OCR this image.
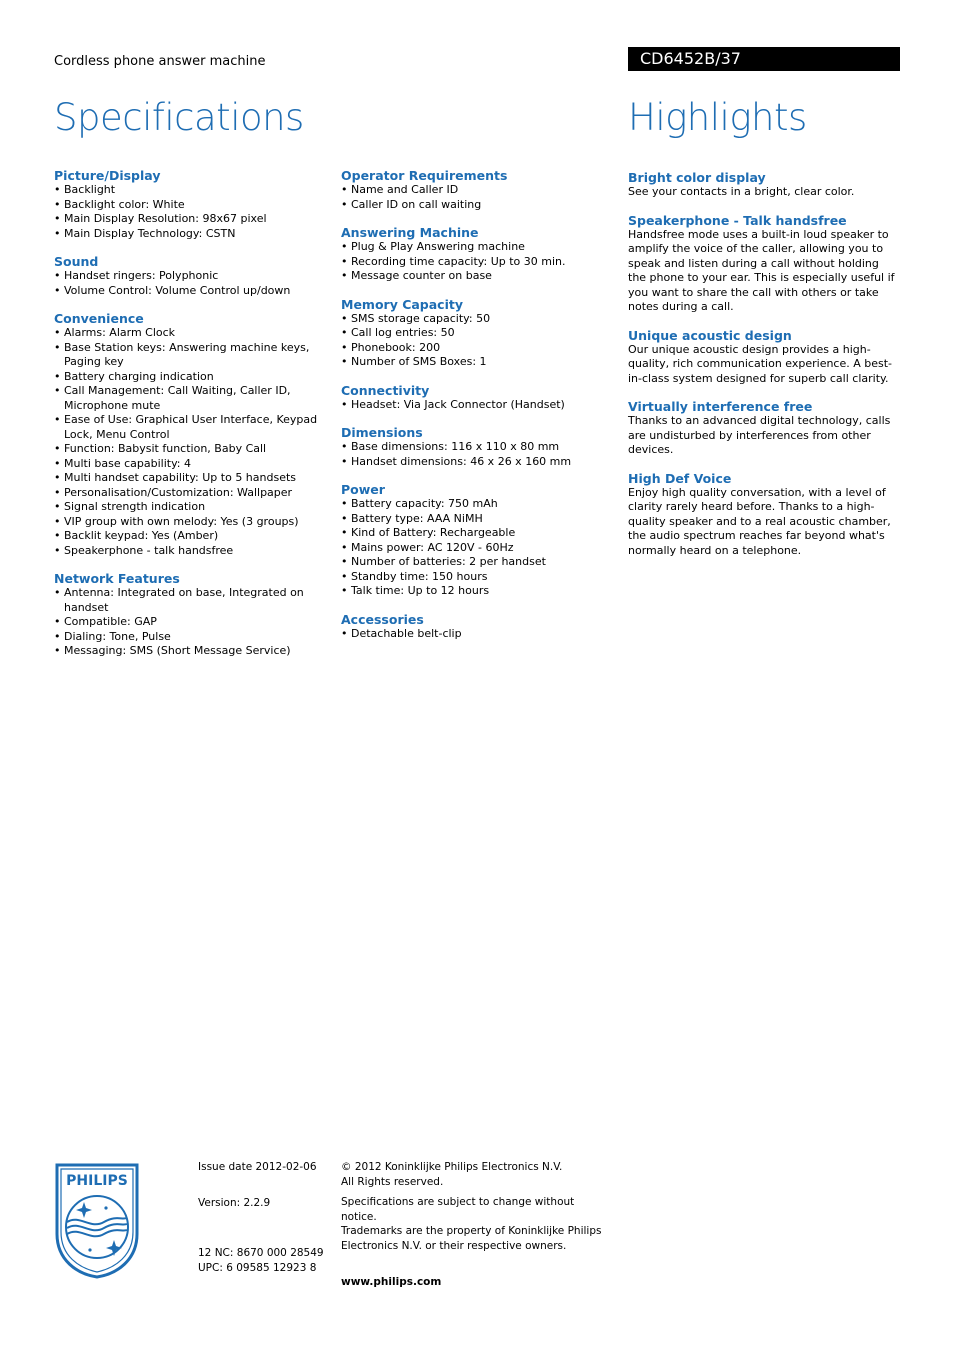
Cordless phone answer machine	CD6452B/37
Specifications	Highlights
Picture/Display
• Backlight
• Backlight color: White
• Main Display Resolution: 98x67 pixel
• Main Display Technology: CSTN
Sound
• Handset ringers: Polyphonic
• Volume Control: Volume Control up/down
Convenience
• Alarms: Alarm Clock
• Base Station keys: Answering machine keys, Paging key
• Battery charging indication
• Call Management: Call Waiting, Caller ID, Microphone mute
• Ease of Use: Graphical User Interface, Keypad Lock, Menu Control
• Function: Babysit function, Baby Call
• Multi base capability: 4
• Multi handset capability: Up to 5 handsets
• Personalisation/Customization: Wallpaper
• Signal strength indication
• VIP group with own melody: Yes (3 groups)
• Backlit keypad: Yes (Amber)
• Speakerphone - talk handsfree
Network Features
• Antenna: Integrated on base, Integrated on handset
• Compatible: GAP
• Dialing: Tone, Pulse
• Messaging: SMS (Short Message Service)
Operator Requirements
• Name and Caller ID
• Caller ID on call waiting
Answering Machine
• Plug & Play Answering machine
• Recording time capacity: Up to 30 min.
• Message counter on base
Memory Capacity
• SMS storage capacity: 50
• Call log entries: 50
• Phonebook: 200
• Number of SMS Boxes: 1
Connectivity
• Headset: Via Jack Connector (Handset)
Dimensions
• Base dimensions: 116 x 110 x 80 mm
• Handset dimensions: 46 x 26 x 160 mm
Power
• Battery capacity: 750 mAh
• Battery type: AAA NiMH
• Kind of Battery: Rechargeable
• Mains power: AC 120V - 60Hz
• Number of batteries: 2 per handset
• Standby time: 150 hours
• Talk time: Up to 12 hours
Accessories
• Detachable belt-clip
Bright color display

See your contacts in a bright, clear color.

Speakerphone - Talk handsfree

Handsfree mode uses a built-in loud speaker to amplify the voice of the caller, allowing you to speak and listen during a call without holding the phone to your ear. This is especially useful if you want to share the call with others or take notes during a call.

Unique acoustic design

Our unique acoustic design provides a high-quality, rich communication experience. A best-in-class system designed for superb call clarity.

Virtually interference free

Thanks to an advanced digital technology, calls are undisturbed by interferences from other devices.

High Def Voice

Enjoy high quality conversation, with a level of clarity rarely heard before. Thanks to a high-quality speaker and to a real acoustic chamber, the audio spectrum reaches far beyond what's normally heard on a telephone.

PHILIPS

Issue date 2012-02-06

Version: 2.2.9

12 NC: 8670 000 28549

UPC: 6 09585 12923 8

© 2012 Koninklijke Philips Electronics N.V.

All Rights reserved.

Specifications are subject to change without notice.

Trademarks are the property of Koninklijke Philips

Electronics N.V. or their respective owners.

www.philips.com
